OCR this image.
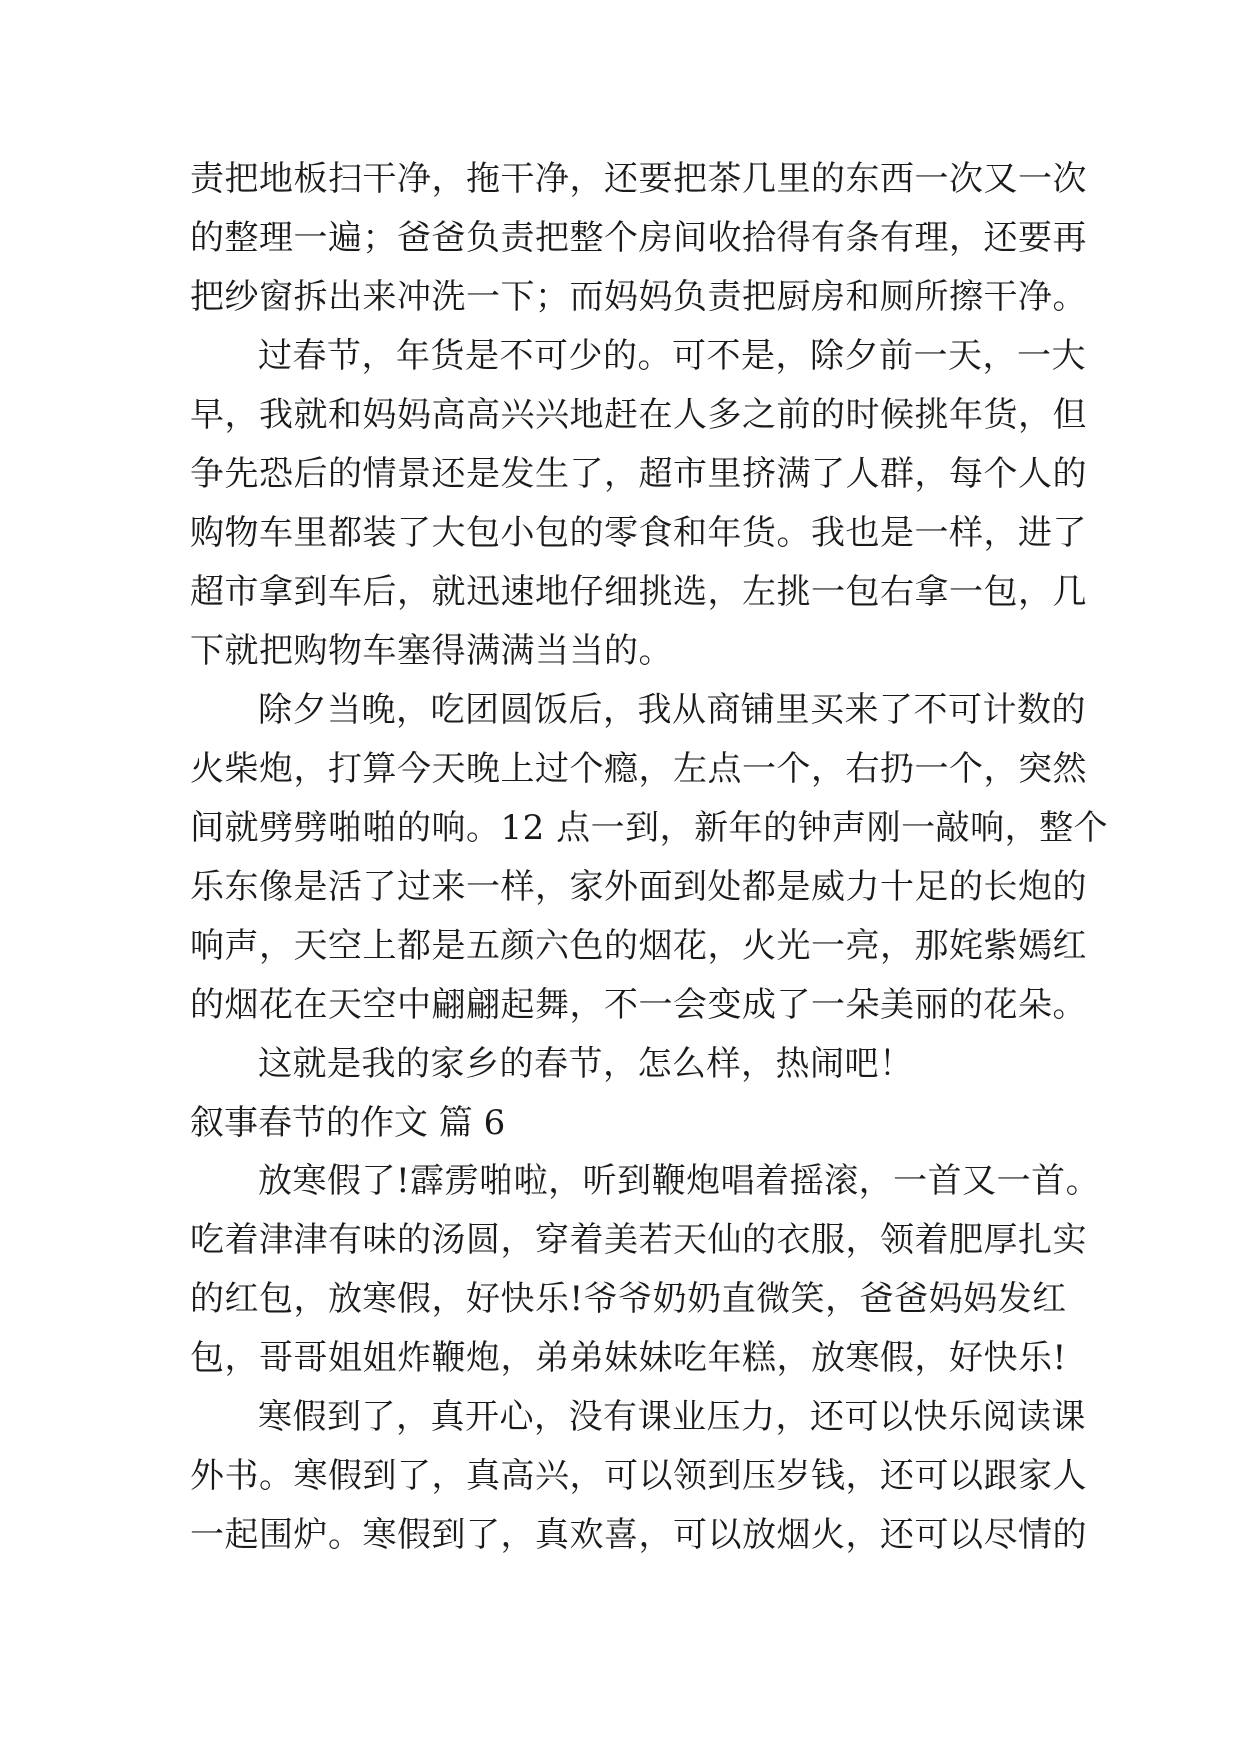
责把地板扫干净，拖干净，还要把茶几里的东西一次又一次
的整理一遍；爸爸负责把整个房间收拾得有条有理，还要再
把纱窗拆出来冲洗一下；而妈妈负责把厨房和厕所擦干净。
过春节，年货是不可少的。可不是，除夕前一天，一大
早，我就和妈妈高高兴兴地赶在人多之前的时候挑年货，但
争先恐后的情景还是发生了，超市里挤满了人群，每个人的
购物车里都装了大包小包的零食和年货。我也是一样，进了
超市拿到车后，就迅速地仔细挑选，左挑一包右拿一包，几
下就把购物车塞得满满当当的。
除夕当晚，吃团圆饭后，我从商铺里买来了不可计数的
火柴炮，打算今天晚上过个瘾，左点一个，右扔一个，突然
间就劈劈啪啪的响。12 点一到，新年的钟声刚一敲响，整个
乐东像是活了过来一样，家外面到处都是威力十足的长炮的
响声，天空上都是五颜六色的烟花，火光一亮，那姹紫嫣红
的烟花在天空中翩翩起舞，不一会变成了一朵美丽的花朵。
这就是我的家乡的春节，怎么样，热闹吧！
叙事春节的作文 篇 6
放寒假了!霹雳啪啦，听到鞭炮唱着摇滚，一首又一首。
吃着津津有味的汤圆，穿着美若天仙的衣服，领着肥厚扎实
的红包，放寒假，好快乐!爷爷奶奶直微笑，爸爸妈妈发红
包，哥哥姐姐炸鞭炮，弟弟妹妹吃年糕，放寒假，好快乐!
寒假到了，真开心，没有课业压力，还可以快乐阅读课
外书。寒假到了，真高兴，可以领到压岁钱，还可以跟家人
一起围炉。寒假到了，真欢喜，可以放烟火，还可以尽情的
